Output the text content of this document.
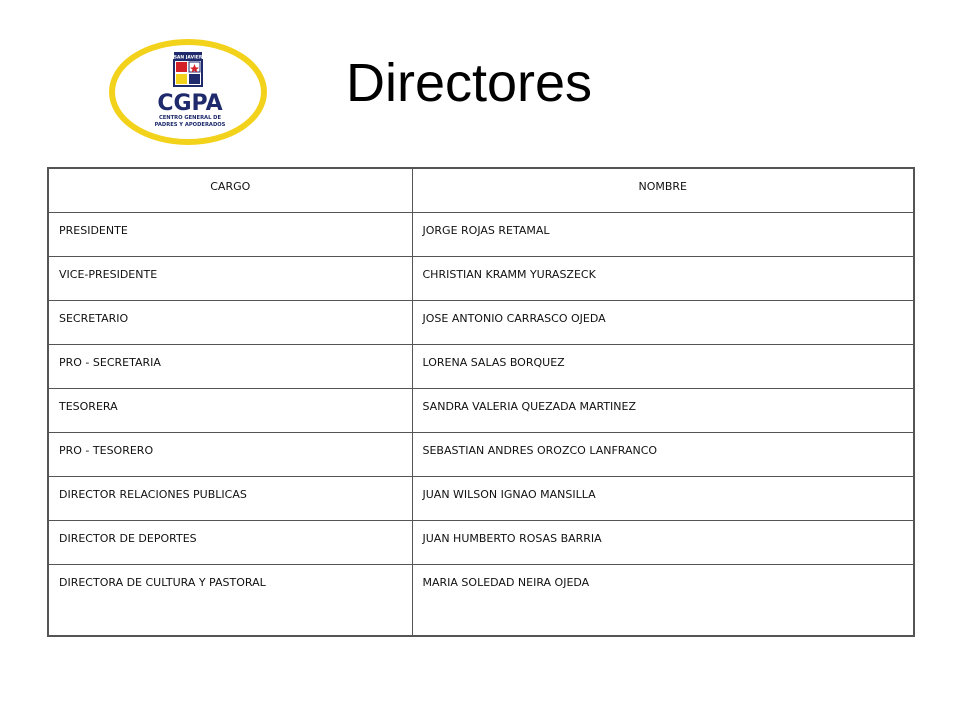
SAN JAVIER
CGPA
CENTRO GENERAL DE
PADRES Y APODERADOS
Directores
CARGO	NOMBRE

PRESIDENTE	JORGE ROJAS RETAMAL

VICE-PRESIDENTE	CHRISTIAN KRAMM YURASZECK

SECRETARIO	JOSE ANTONIO CARRASCO OJEDA

PRO - SECRETARIA	LORENA SALAS BORQUEZ

TESORERA	SANDRA VALERIA QUEZADA MARTINEZ

PRO - TESORERO	SEBASTIAN ANDRES OROZCO LANFRANCO

DIRECTOR RELACIONES PUBLICAS	JUAN WILSON IGNAO MANSILLA

DIRECTOR DE DEPORTES	JUAN HUMBERTO ROSAS BARRIA

DIRECTORA DE CULTURA Y PASTORAL	MARIA SOLEDAD NEIRA OJEDA
